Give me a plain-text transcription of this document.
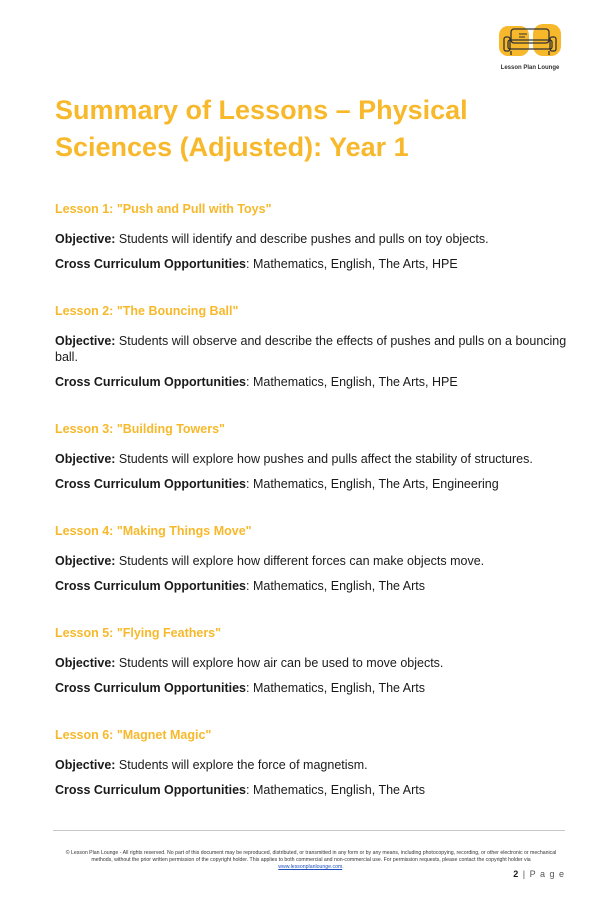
Lesson Plan Lounge
Summary of Lessons – Physical Sciences (Adjusted): Year 1

Lesson 1: "Push and Pull with Toys"

Objective: Students will identify and describe pushes and pulls on toy objects.

Cross Curriculum Opportunities: Mathematics, English, The Arts, HPE

Lesson 2: "The Bouncing Ball"

Objective: Students will observe and describe the effects of pushes and pulls on a bouncing ball.

Cross Curriculum Opportunities: Mathematics, English, The Arts, HPE

Lesson 3: "Building Towers"

Objective: Students will explore how pushes and pulls affect the stability of structures.

Cross Curriculum Opportunities: Mathematics, English, The Arts, Engineering

Lesson 4: "Making Things Move"

Objective: Students will explore how different forces can make objects move.

Cross Curriculum Opportunities: Mathematics, English, The Arts

Lesson 5: "Flying Feathers"

Objective: Students will explore how air can be used to move objects.

Cross Curriculum Opportunities: Mathematics, English, The Arts

Lesson 6: "Magnet Magic"

Objective: Students will explore the force of magnetism.

Cross Curriculum Opportunities: Mathematics, English, The Arts

© Lesson Plan Lounge - All rights reserved. No part of this document may be reproduced, distributed, or transmitted in any form or by any means, including photocopying, recording, or other electronic or mechanical methods, without the prior written permission of the copyright holder. This applies to both commercial and non-commercial use. For permission requests, please contact the copyright holder via
www.lessonplanlounge.com.
2 | P a g e
